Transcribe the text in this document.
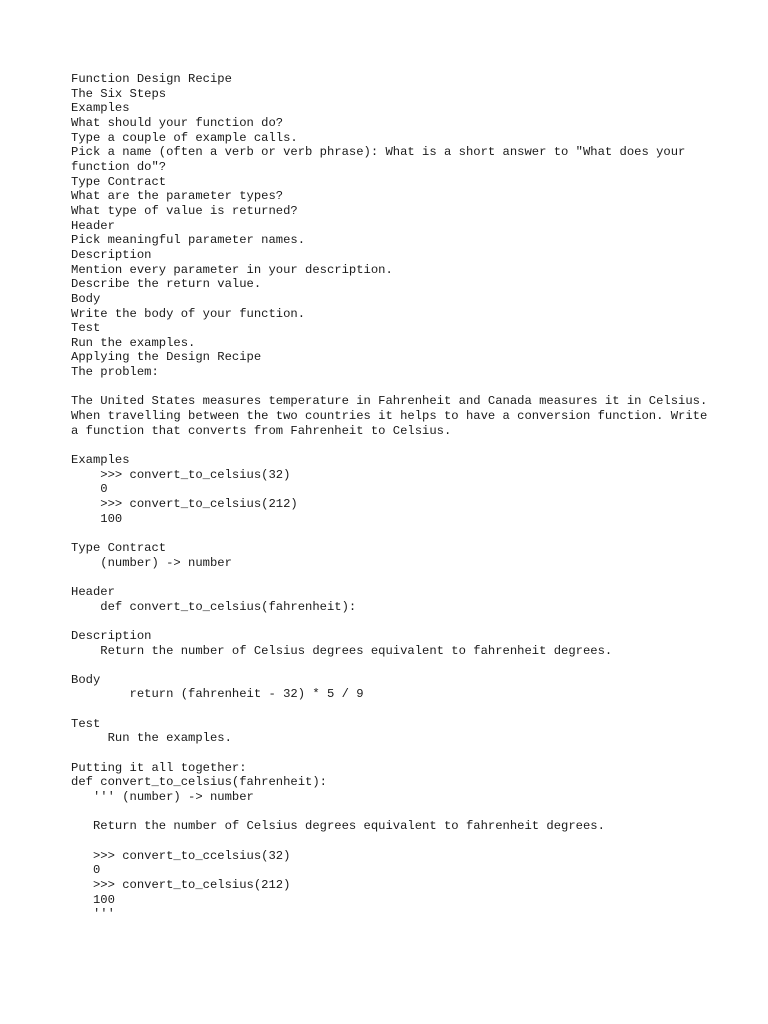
Function Design Recipe
The Six Steps
Examples
What should your function do?
Type a couple of example calls.
Pick a name (often a verb or verb phrase): What is a short answer to "What does your function do"?
Type Contract
What are the parameter types?
What type of value is returned?
Header
Pick meaningful parameter names.
Description
Mention every parameter in your description.
Describe the return value.
Body
Write the body of your function.
Test
Run the examples.
Applying the Design Recipe
The problem:
The United States measures temperature in Fahrenheit and Canada measures it in Celsius. When travelling between the two countries it helps to have a conversion function. Write a function that converts from Fahrenheit to Celsius.
Examples
>>> convert_to_celsius(32)
0
>>> convert_to_celsius(212)
100
Type Contract
(number) -> number
Header
def convert_to_celsius(fahrenheit):
Description
Return the number of Celsius degrees equivalent to fahrenheit degrees.
Body
return (fahrenheit - 32) * 5 / 9
Test
Run the examples.
Putting it all together:
def convert_to_celsius(fahrenheit):
''' (number) -> number
Return the number of Celsius degrees equivalent to fahrenheit degrees.
>>> convert_to_ccelsius(32)
0
>>> convert_to_celsius(212)
100
'''
